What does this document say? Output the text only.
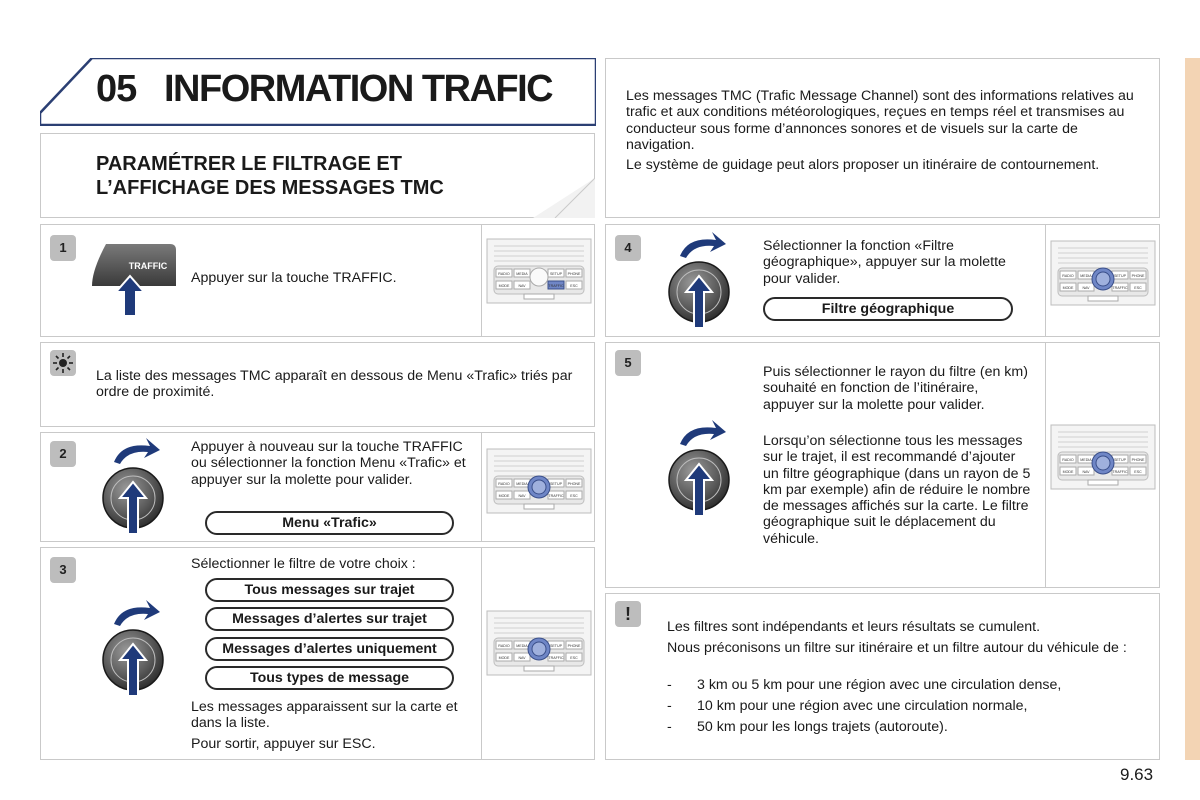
05 INFORMATION TRAFIC
PARAMÉTRER LE FILTRAGE ET
L’AFFICHAGE DES MESSAGES TMC
Les messages TMC (Trafic Message Channel) sont des informations relatives au trafic et aux conditions météorologiques, reçues en temps réel et transmises au conducteur sous forme d’annonces sonores et de visuels sur la carte de navigation.
Le système de guidage peut alors proposer un itinéraire de contournement.
1
TRAFFIC
Appuyer sur la touche TRAFFIC.	RADIO MEDIA	SETUP PHONE
MODE	NAV	TRAFFIC ESC
La liste des messages TMC apparaît en dessous de Menu «Trafic» triés par ordre de proximité.
2	Appuyer à nouveau sur la touche TRAFFIC ou sélectionner la fonction Menu «Trafic» et appuyer sur la molette pour valider.
Menu «Trafic»
RADIO MEDIA	SETUP PHONE
MODE	NAV	TRAFFIC ESC
3	Sélectionner le filtre de votre choix :
Tous messages sur trajet
Messages d’alertes sur trajet
Messages d’alertes uniquement
Tous types de message
Les messages apparaissent sur la carte et dans la liste.
Pour sortir, appuyer sur ESC.
RADIO MEDIA	SETUP PHONE
MODE	NAV	TRAFFIC ESC
4	Sélectionner la fonction «Filtre géographique», appuyer sur la molette pour valider.
Filtre géographique
RADIO MEDIA	SETUP PHONE
MODE	NAV	TRAFFIC ESC
5
Puis sélectionner le rayon du filtre (en km) souhaité en fonction de l’itinéraire, appuyer sur la molette pour valider.
Lorsqu’on sélectionne tous les messages sur le trajet, il est recommandé d’ajouter un filtre géographique (dans un rayon de 5 km par exemple) afin de réduire le nombre de messages affichés sur la carte. Le filtre géographique suit le déplacement du véhicule.
RADIO MEDIA	SETUP PHONE
MODE	NAV	TRAFFIC ESC
!
Les filtres sont indépendants et leurs résultats se cumulent.
Nous préconisons un filtre sur itinéraire et un filtre autour du véhicule de :
- 3 km ou 5 km pour une région avec une circulation dense,
- 10 km pour une région avec une circulation normale,
- 50 km pour les longs trajets (autoroute).
9.63
